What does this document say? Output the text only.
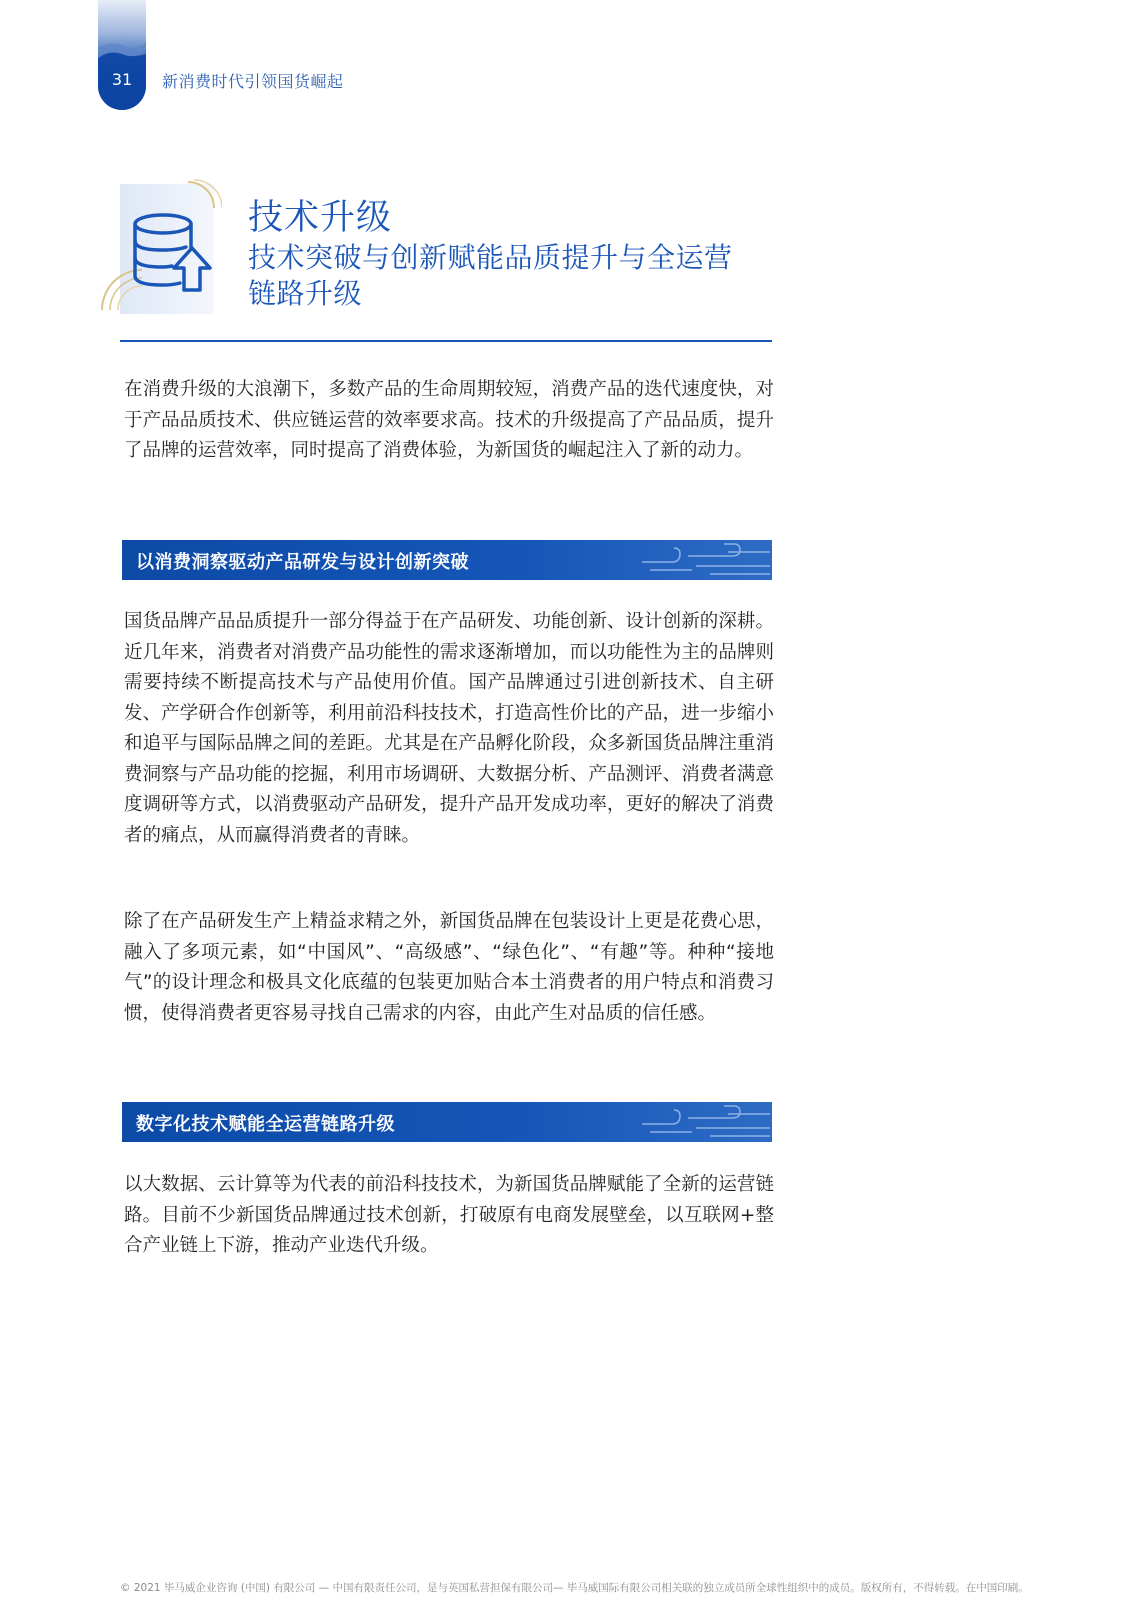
31	新消费时代引领国货崛起
技术升级
技术突破与创新赋能品质提升与全运营链路升级

在消费升级的大浪潮下，多数产品的生命周期较短，消费产品的迭代速度快，对于产品品质技术、供应链运营的效率要求高。技术的升级提高了产品品质，提升了品牌的运营效率，同时提高了消费体验，为新国货的崛起注入了新的动力。

以消费洞察驱动产品研发与设计创新突破

国货品牌产品品质提升一部分得益于在产品研发、功能创新、设计创新的深耕。近几年来，消费者对消费产品功能性的需求逐渐增加，而以功能性为主的品牌则需要持续不断提高技术与产品使用价值。国产品牌通过引进创新技术、自主研发、产学研合作创新等，利用前沿科技技术，打造高性价比的产品，进一步缩小和追平与国际品牌之间的差距。尤其是在产品孵化阶段，众多新国货品牌注重消费洞察与产品功能的挖掘，利用市场调研、大数据分析、产品测评、消费者满意度调研等方式，以消费驱动产品研发，提升产品开发成功率，更好的解决了消费者的痛点，从而赢得消费者的青睐。

除了在产品研发生产上精益求精之外，新国货品牌在包装设计上更是花费心思，融入了多项元素，如“中国风”、“高级感”、“绿色化”、“有趣”等。种种“接地气”的设计理念和极具文化底蕴的包装更加贴合本土消费者的用户特点和消费习惯，使得消费者更容易寻找自己需求的内容，由此产生对品质的信任感。

数字化技术赋能全运营链路升级

以大数据、云计算等为代表的前沿科技技术，为新国货品牌赋能了全新的运营链路。目前不少新国货品牌通过技术创新，打破原有电商发展壁垒，以互联网+整合产业链上下游，推动产业迭代升级。

© 2021 毕马威企业咨询 (中国) 有限公司 — 中国有限责任公司，是与英国私营担保有限公司— 毕马威国际有限公司相关联的独立成员所全球性组织中的成员。版权所有，不得转载。在中国印刷。
